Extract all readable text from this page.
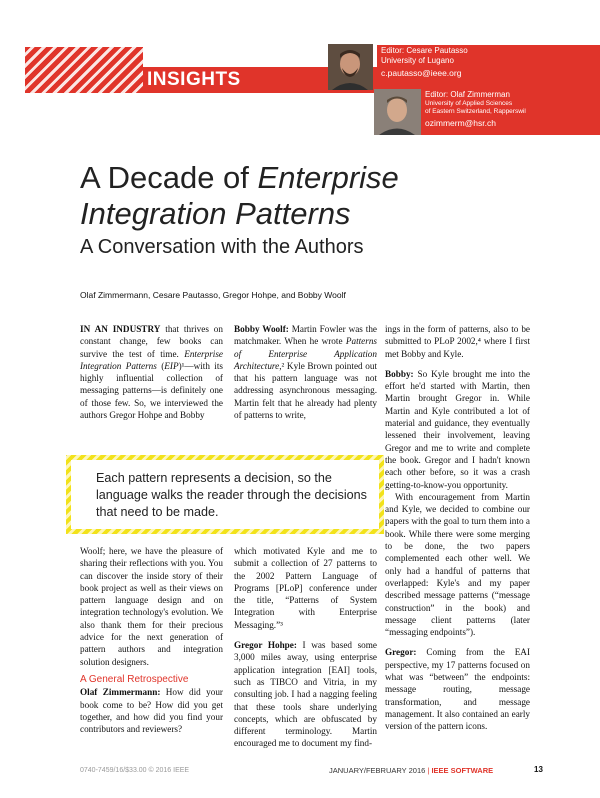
INSIGHTS
Editor: Cesare Pautasso
University of Lugano
c.pautasso@ieee.org
Editor: Olaf Zimmerman
University of Applied Sciences
of Eastern Switzerland, Rapperswil
ozimmerm@hsr.ch
A Decade of Enterprise
Integration Patterns
A Conversation with the Authors
Olaf Zimmermann, Cesare Pautasso, Gregor Hohpe, and Bobby Woolf

IN AN INDUSTRY that thrives on constant change, few books can survive the test of time. Enterprise Integration Patterns (EIP)¹—with its highly influential collection of messaging patterns—is definitely one of those few. So, we interviewed the authors Gregor Hohpe and Bobby

Bobby Woolf: Martin Fowler was the matchmaker. When he wrote Patterns of Enterprise Application Architecture,² Kyle Brown pointed out that his pattern language was not addressing asynchronous messaging. Martin felt that he already had plenty of patterns to write,

ings in the form of patterns, also to be submitted to PLoP 2002,⁴ where I first met Bobby and Kyle.

Bobby: So Kyle brought me into the effort he'd started with Martin, then Martin brought Gregor in. While Martin and Kyle contributed a lot of material and guidance, they eventually lessened their involvement, leaving Gregor and me to write and complete the book. Gregor and I hadn't known each other before, so it was a crash getting-to-know-you opportunity.

With encouragement from Martin and Kyle, we decided to combine our papers with the goal to turn them into a book. While there were some merging to be done, the two papers complemented each other well. We only had a handful of patterns that overlapped: Kyle's and my paper described message patterns (“message construction” in the book) and message client patterns (later “messaging endpoints”).

Gregor: Coming from the EAI perspective, my 17 patterns focused on what was “between” the endpoints: message routing, message transformation, and message management. It also contained an early version of the pattern icons.

Each pattern represents a decision, so the language walks the reader through the decisions that need to be made.

Woolf; here, we have the pleasure of sharing their reflections with you. You can discover the inside story of their book project as well as their views on pattern language design and on integration technology's evolution. We also thank them for their precious advice for the next generation of pattern authors and integration solution designers.

A General Retrospective

Olaf Zimmermann: How did your book come to be? How did you get together, and how did you find your contributors and reviewers?

which motivated Kyle and me to submit a collection of 27 patterns to the 2002 Pattern Language of Programs [PLoP] conference under the title, “Patterns of System Integration with Enterprise Messaging.”³

Gregor Hohpe: I was based some 3,000 miles away, using enterprise application integration [EAI] tools, such as TIBCO and Vitria, in my consulting job. I had a nagging feeling that these tools share underlying concepts, which are obfuscated by different terminology. Martin encouraged me to document my find-

0740-7459/16/$33.00 © 2016 IEEE	JANUARY/FEBRUARY 2016 | IEEE SOFTWARE	13
